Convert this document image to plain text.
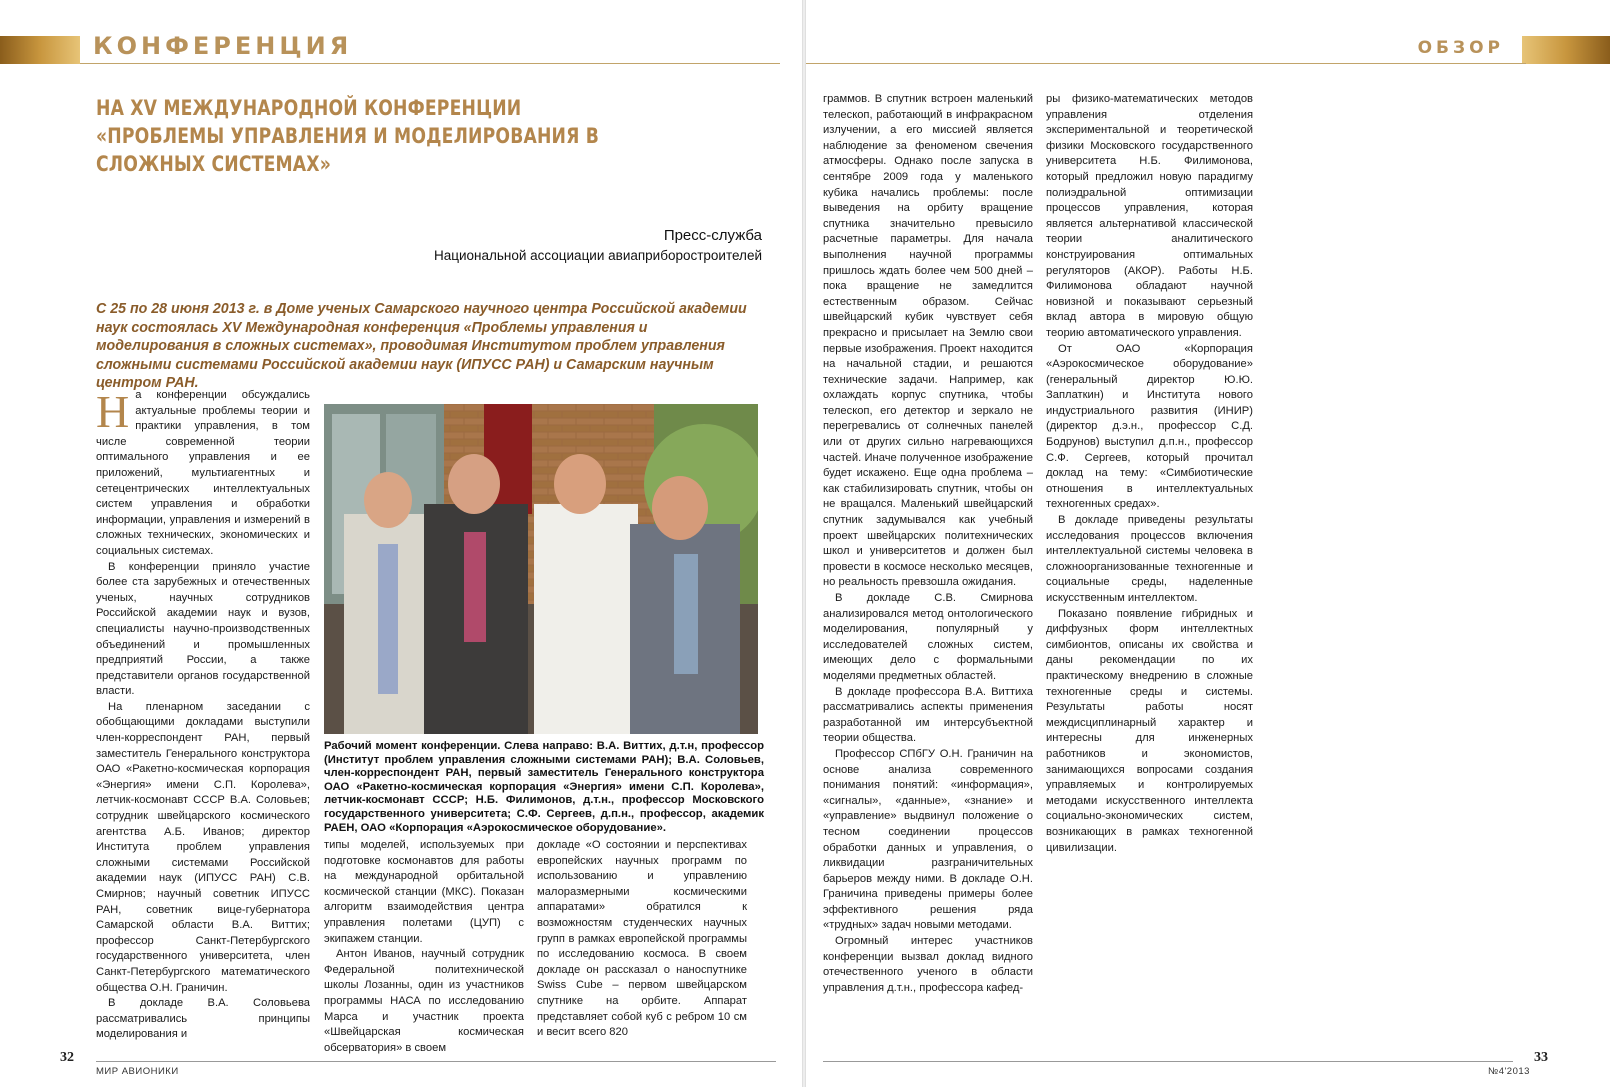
КОНФЕРЕНЦИЯ
НА XV МЕЖДУНАРОДНОЙ КОНФЕРЕНЦИИ «ПРОБЛЕМЫ УПРАВЛЕНИЯ И МОДЕЛИРОВАНИЯ В СЛОЖНЫХ СИСТЕМАХ»
Пресс-служба
Национальной ассоциации авиаприборостроителей
С 25 по 28 июня 2013 г. в Доме ученых Самарского научного центра Российской академии наук состоялась XV Международная конференция «Проблемы управления и моделирования в сложных системах», проводимая Институтом проблем управления сложными системами Российской академии наук (ИПУСС РАН) и Самарским научным центром РАН.

На конференции обсуждались актуальные проблемы теории и практики управления, в том числе современной теории оптимального управления и ее приложений, мультиагентных и сетецентрических интеллектуальных систем управления и обработки информации, управления и измерений в сложных технических, экономических и социальных системах.

В конференции приняло участие более ста зарубежных и отечественных ученых, научных сотрудников Российской академии наук и вузов, специалисты научно-производственных объединений и промышленных предприятий России, а также представители органов государственной власти.

На пленарном заседании с обобщающими докладами выступили член-корреспондент РАН, первый заместитель Генерального конструктора ОАО «Ракетно-космическая корпорация «Энергия» имени С.П. Королева», летчик-космонавт СССР В.А. Соловьев; сотрудник швейцарского космического агентства А.Б. Иванов; директор Института проблем управления сложными системами Российской академии наук (ИПУСС РАН) С.В. Смирнов; научный советник ИПУСС РАН, советник вице-губернатора Самарской области В.А. Виттих; профессор Санкт-Петербургского государственного университета, член Санкт-Петербургского математического общества О.Н. Граничин.

В докладе В.А. Соловьева рассматривались принципы моделирования и

Рабочий момент конференции. Слева направо: В.А. Виттих, д.т.н, профессор (Институт проблем управления сложными системами РАН); В.А. Соловьев, член-корреспондент РАН, первый заместитель Генерального конструктора ОАО «Ракетно-космическая корпорация «Энергия» имени С.П. Королева», летчик-космонавт СССР; Н.Б. Филимонов, д.т.н., профессор Московского государственного университета; С.Ф. Сергеев, д.п.н., профессор, академик РАЕН, ОАО «Корпорация «Аэрокосмическое оборудование».

типы моделей, используемых при подготовке космонавтов для работы на международной орбитальной космической станции (МКС). Показан алгоритм взаимодействия центра управления полетами (ЦУП) с экипажем станции.

Антон Иванов, научный сотрудник Федеральной политехнической школы Лозанны, один из участников программы НАСА по исследованию Марса и участник проекта «Швейцарская космическая обсерватория» в своем

докладе «О состоянии и перспективах европейских научных программ по использованию и управлению малоразмерными космическими аппаратами» обратился к возможностям студенческих научных групп в рамках европейской программы по исследованию космоса. В своем докладе он рассказал о наноспутнике Swiss Cube – первом швейцарском спутнике на орбите. Аппарат представляет собой куб с ребром 10 см и весит всего 820

32
МИР АВИОНИКИ
ОБЗОР

граммов. В спутник встроен маленький телескоп, работающий в инфракрасном излучении, а его миссией является наблюдение за феноменом свечения атмосферы. Однако после запуска в сентябре 2009 года у маленького кубика начались проблемы: после выведения на орбиту вращение спутника значительно превысило расчетные параметры. Для начала выполнения научной программы пришлось ждать более чем 500 дней – пока вращение не замедлится естественным образом. Сейчас швейцарский кубик чувствует себя прекрасно и присылает на Землю свои первые изображения. Проект находится на начальной стадии, и решаются технические задачи. Например, как охлаждать корпус спутника, чтобы телескоп, его детектор и зеркало не перегревались от солнечных панелей или от других сильно нагревающихся частей. Иначе полученное изображение будет искажено. Еще одна проблема – как стабилизировать спутник, чтобы он не вращался. Маленький швейцарский спутник задумывался как учебный проект швейцарских политехнических школ и университетов и должен был провести в космосе несколько месяцев, но реальность превзошла ожидания.

В докладе С.В. Смирнова анализировался метод онтологического моделирования, популярный у исследователей сложных систем, имеющих дело с формальными моделями предметных областей.

В докладе профессора В.А. Виттиха рассматривались аспекты применения разработанной им интерсубъектной теории общества.

Профессор СПбГУ О.Н. Граничин на основе анализа современного понимания понятий: «информация», «сигналы», «данные», «знание» и «управление» выдвинул положение о тесном соединении процессов обработки данных и управления, о ликвидации разграничительных барьеров между ними. В докладе О.Н. Граничина приведены примеры более эффективного решения ряда «трудных» задач новыми методами.

Огромный интерес участников конференции вызвал доклад видного отечественного ученого в области управления д.т.н., профессора кафед-

ры физико-математических методов управления отделения экспериментальной и теоретической физики Московского государственного университета Н.Б. Филимонова, который предложил новую парадигму полиэдральной оптимизации процессов управления, которая является альтернативой классической теории аналитического конструирования оптимальных регуляторов (АКОР). Работы Н.Б. Филимонова обладают научной новизной и показывают серьезный вклад автора в мировую общую теорию автоматического управления.

От ОАО «Корпорация «Аэрокосмическое оборудование» (генеральный директор Ю.Ю. Заплаткин) и Института нового индустриального развития (ИНИР) (директор д.э.н., профессор С.Д. Бодрунов) выступил д.п.н., профессор С.Ф. Сергеев, который прочитал доклад на тему: «Симбиотические отношения в интеллектуальных техногенных средах».

В докладе приведены результаты исследования процессов включения интеллектуальной системы человека в сложноорганизованные техногенные и социальные среды, наделенные искусственным интеллектом.

Показано появление гибридных и диффузных форм интеллектных симбионтов, описаны их свойства и даны рекомендации по их практическому внедрению в сложные техногенные среды и системы. Результаты работы носят междисциплинарный характер и интересны для инженерных работников и экономистов, занимающихся вопросами создания управляемых и контролируемых методами искусственного интеллекта социально-экономических систем, возникающих в рамках техногенной цивилизации.

33
№4'2013
